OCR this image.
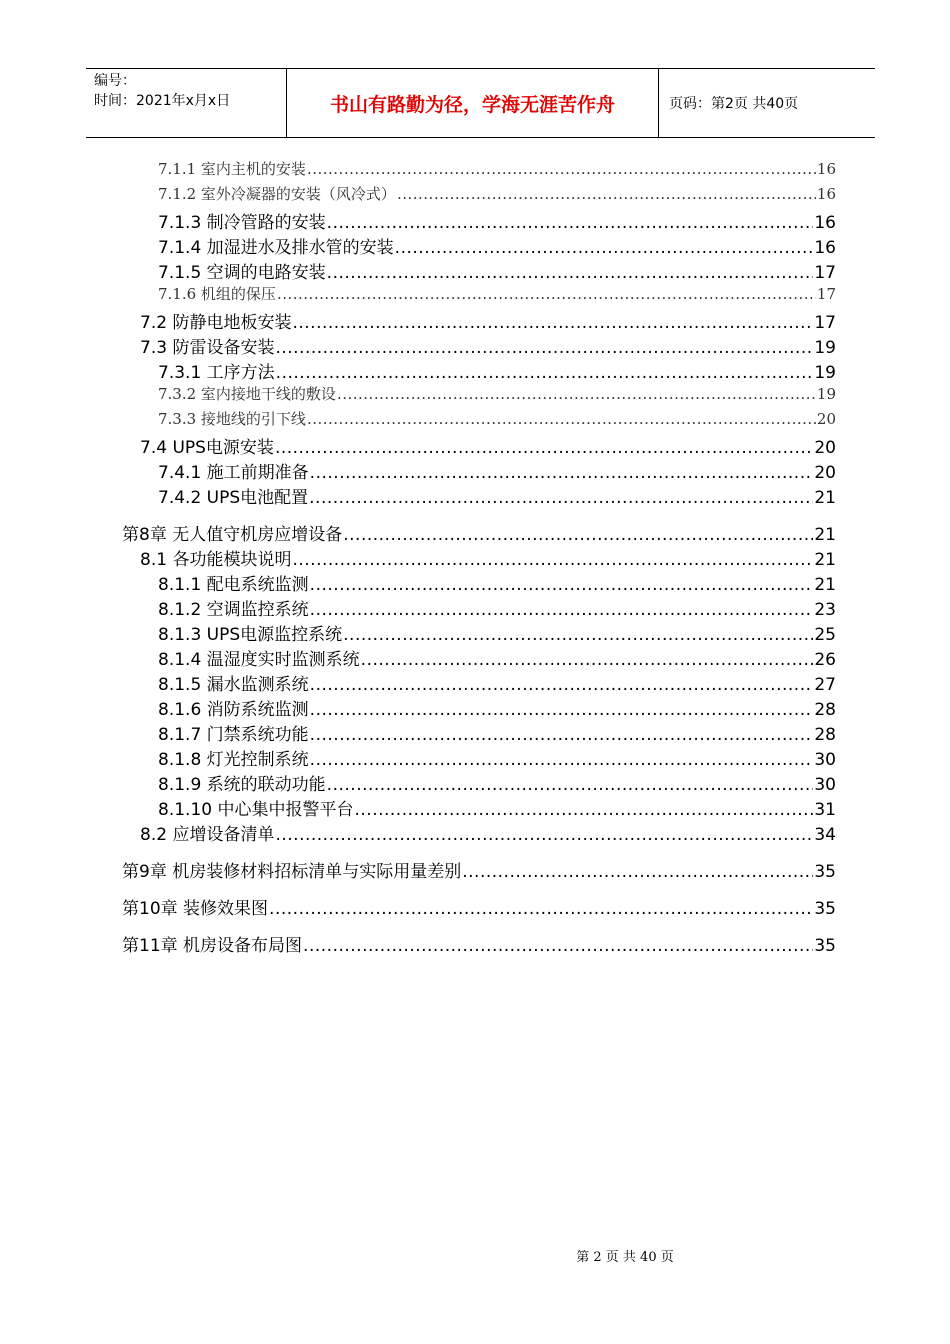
编号：
时间：2021年x月x日	书山有路勤为径，学海无涯苦作舟	页码：第2页 共40页
7.1.1 室内主机的安装 .....	16
7.1.2 室外冷凝器的安装（风冷式） .....	16
7.1.3 制冷管路的安装 .....	16
7.1.4 加湿进水及排水管的安装 .....	16
7.1.5 空调的电路安装 .....	17
7.1.6 机组的保压 .....	17
7.2 防静电地板安装 .....	17
7.3 防雷设备安装 .....	19
7.3.1 工序方法 .....	19
7.3.2 室内接地干线的敷设 .....	19
7.3.3 接地线的引下线 .....	20
7.4 UPS电源安装 .....	20
7.4.1 施工前期准备 .....	20
7.4.2 UPS电池配置 .....	21
第8章 无人值守机房应增设备 .....	21
8.1 各功能模块说明 .....	21
8.1.1 配电系统监测 .....	21
8.1.2 空调监控系统 .....	23
8.1.3 UPS电源监控系统 .....	25
8.1.4 温湿度实时监测系统 .....	26
8.1.5 漏水监测系统 .....	27
8.1.6 消防系统监测 .....	28
8.1.7 门禁系统功能 .....	28
8.1.8 灯光控制系统 .....	30
8.1.9 系统的联动功能 .....	30
8.1.10 中心集中报警平台 .....	31
8.2 应增设备清单 .....	34
第9章 机房装修材料招标清单与实际用量差别 .....	35
第10章 装修效果图 .....	35
第11章 机房设备布局图 .....	35
第 2 页 共 40 页
